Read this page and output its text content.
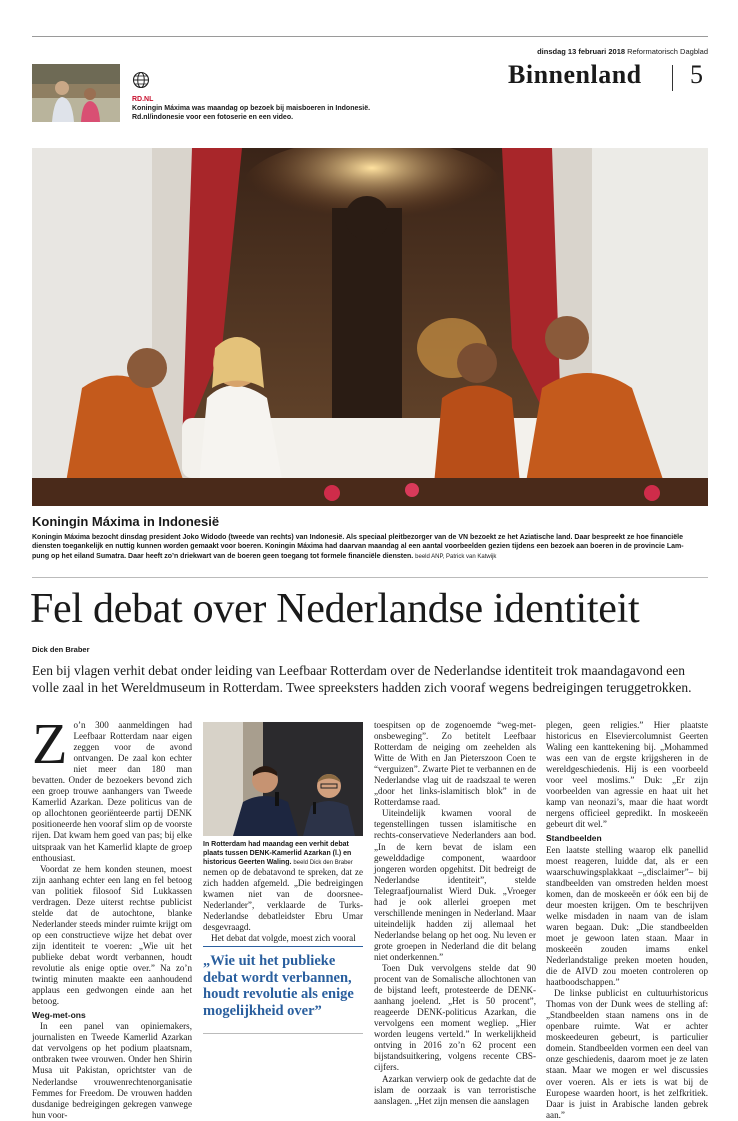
dinsdag 13 februari 2018 Reformatorisch Dagblad
Binnenland 5
RD.NL
Koningin Máxima was maandag op bezoek bij maisboeren in Indonesië.
Rd.nl/indonesie voor een fotoserie en een video.
Koningin Máxima in Indonesië
Koningin Máxima bezocht dinsdag president Joko Widodo (tweede van rechts) van Indonesië. Als speciaal pleitbezorger van de VN bezoekt ze het Aziatische land. Daar bespreekt ze hoe financiële
diensten toegankelijk en nuttig kunnen worden gemaakt voor boeren. Koningin Máxima had daarvan maandag al een aantal voorbeelden gezien tijdens een bezoek aan boeren in de provincie Lam-
pung op het eiland Sumatra. Daar heeft zo’n driekwart van de boeren geen toegang tot formele financiële diensten. beeld ANP, Patrick van Katwijk
Fel debat over Nederlandse identiteit
Dick den Braber
Een bij vlagen verhit debat onder leiding van Leefbaar Rotterdam over de Nederlandse identiteit trok maandagavond een volle zaal in het Wereldmuseum in Rotterdam. Twee spreeksters hadden zich vooraf wegens bedreigingen teruggetrokken.

Zo’n 300 aanmeldingen had Leefbaar Rotterdam naar eigen zeggen voor de avond ontvangen. De zaal kon echter niet meer dan 180 man bevatten. Onder de bezoekers bevond zich een groep trouwe aanhangers van Tweede Kamerlid Azarkan. Deze politicus van de op allochtonen georiënteerde partij DENK positioneerde hen vooraf slim op de voorste rijen. Dat kwam hem goed van pas; bij elke uitspraak van het Kamerlid klapte de groep enthousiast.

Voordat ze hem konden steunen, moest zijn aanhang echter een lang en fel betoog van politiek filosoof Sid Lukkassen verdragen. Deze uiterst rechtse publicist stelde dat de autochtone, blanke Nederlander steeds minder ruimte krijgt om op een constructieve wijze het debat over zijn identiteit te voeren: „Wie uit het publieke debat wordt verbannen, houdt revolutie als enige optie over.” Na zo’n twintig minuten maakte een aanhoudend applaus een gedwongen einde aan het betoog.

Weg-met-ons

In een panel van opiniemakers, journalisten en Tweede Kamerlid Azarkan dat vervolgens op het podium plaatsnam, ontbraken twee vrouwen. Onder hen Shirin Musa uit Pakistan, oprichtster van de Nederlandse vrouwenrechtenorganisatie Femmes for Freedom. De vrouwen hadden dusdanige bedreigingen gekregen vanwege hun voor-

In Rotterdam had maandag een verhit debat plaats tussen DENK-Kamerlid Azarkan (l.) en historicus Geerten Waling. beeld Dick den Braber

nemen op de debatavond te spreken, dat ze zich hadden afgemeld. „Die bedreigingen kwamen niet van de doorsnee-Nederlander”, verklaarde de Turks-Nederlandse debatleidster Ebru Umar desgevraagd.

Het debat dat volgde, moest zich vooral

„Wie uit het publieke debat wordt verbannen, houdt revolutie als enige mogelijkheid over”

toespitsen op de zogenoemde “weg-met-onsbeweging”. Zo betitelt Leefbaar Rotterdam de neiging om zeehelden als Witte de With en Jan Pieterszoon Coen te “verguizen”. Zwarte Piet te verbannen en de Nederlandse vlag uit de raadszaal te weren „door het links-islamitisch blok” in de Rotterdamse raad.

Uiteindelijk kwamen vooral de tegenstellingen tussen islamitische en rechts-conservatieve Nederlanders aan bod. „In de kern bevat de islam een gewelddadige component, waardoor jongeren worden opgehitst. Dit bedreigt de Nederlandse identiteit”, stelde Telegraafjournalist Wierd Duk. „Vroeger had je ook allerlei groepen met verschillende meningen in Nederland. Maar uiteindelijk hadden zij allemaal het Nederlandse belang op het oog. Nu leven er grote groepen in Nederland die dit belang niet onderkennen.”

Toen Duk vervolgens stelde dat 90 procent van de Somalische allochtonen van de bijstand leeft, protesteerde de DENK-aanhang joelend. „Het is 50 procent”, reageerde DENK-politicus Azarkan, die vervolgens een moment wegliep. „Hier worden leugens verteld.” In werkelijkheid ontving in 2016 zo’n 62 procent een bijstandsuitkering, volgens recente CBS-cijfers.

Azarkan verwierp ook de gedachte dat de islam de oorzaak is van terroristische aanslagen. „Het zijn mensen die aanslagen

plegen, geen religies.” Hier plaatste historicus en Elseviercolumnist Geerten Waling een kanttekening bij. „Mohammed was een van de ergste krijgsheren in de wereldgeschiedenis. Hij is een voorbeeld voor veel moslims.” Duk: „Er zijn voorbeelden van agressie en haat uit het kamp van neonazi’s, maar die haat wordt nergens officieel gepredikt. In moskeeën gebeurt dit wel.”

Standbeelden

Een laatste stelling waarop elk panellid moest reageren, luidde dat, als er een waarschuwingsplakkaat –„disclaimer”– bij standbeelden van omstreden helden moest komen, dan de moskeeën er óók een bij de deur moesten krijgen. Om te beschrijven welke misdaden in naam van de islam waren begaan. Duk: „Die standbeelden moet je gewoon laten staan. Maar in moskeeën zouden imams enkel Nederlandstalige preken moeten houden, die de AIVD zou moeten controleren op haatboodschappen.”

De linkse publicist en cultuurhistoricus Thomas von der Dunk wees de stelling af: „Standbeelden staan namens ons in de openbare ruimte. Wat er achter moskeedeuren gebeurt, is particulier domein. Standbeelden vormen een deel van onze geschiedenis, daarom moet je ze laten staan. Maar we mogen er wel discussies over voeren. Als er iets is wat bij de Europese waarden hoort, is het zelfkritiek. Daar is juist in Arabische landen gebrek aan.”
